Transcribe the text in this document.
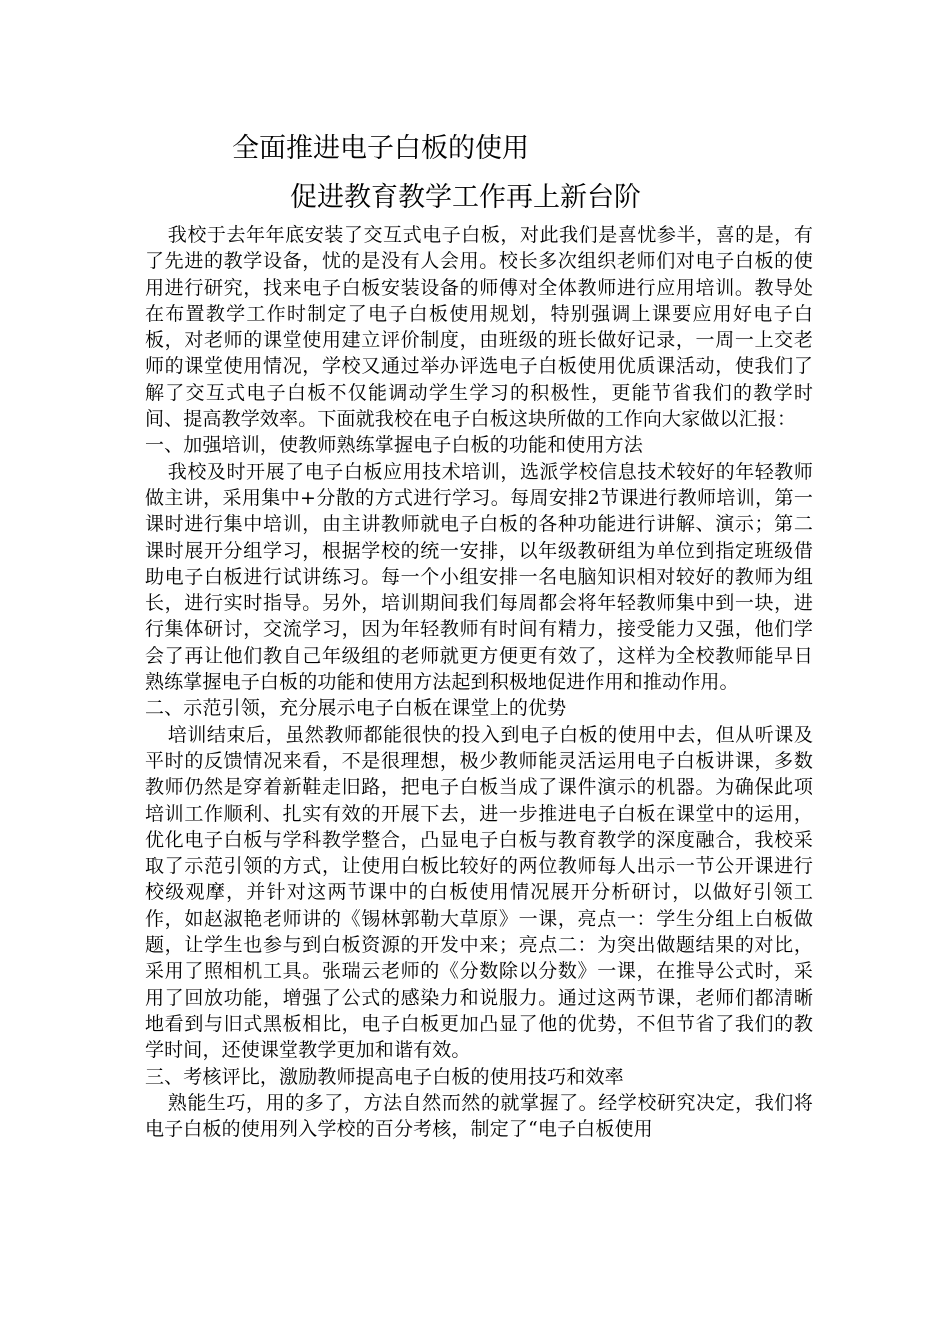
全面推进电子白板的使用
促进教育教学工作再上新台阶

我校于去年年底安装了交互式电子白板，对此我们是喜忧参半，喜的是，有了先进的教学设备，忧的是没有人会用。校长多次组织老师们对电子白板的使用进行研究，找来电子白板安装设备的师傅对全体教师进行应用培训。教导处在布置教学工作时制定了电子白板使用规划，特别强调上课要应用好电子白板，对老师的课堂使用建立评价制度，由班级的班长做好记录，一周一上交老师的课堂使用情况，学校又通过举办评选电子白板使用优质课活动，使我们了解了交互式电子白板不仅能调动学生学习的积极性，更能节省我们的教学时间、提高教学效率。下面就我校在电子白板这块所做的工作向大家做以汇报：

一、加强培训，使教师熟练掌握电子白板的功能和使用方法

我校及时开展了电子白板应用技术培训，选派学校信息技术较好的年轻教师做主讲，采用集中+分散的方式进行学习。每周安排2节课进行教师培训，第一课时进行集中培训，由主讲教师就电子白板的各种功能进行讲解、演示；第二课时展开分组学习，根据学校的统一安排，以年级教研组为单位到指定班级借助电子白板进行试讲练习。每一个小组安排一名电脑知识相对较好的教师为组长，进行实时指导。另外，培训期间我们每周都会将年轻教师集中到一块，进行集体研讨，交流学习，因为年轻教师有时间有精力，接受能力又强，他们学会了再让他们教自己年级组的老师就更方便更有效了，这样为全校教师能早日熟练掌握电子白板的功能和使用方法起到积极地促进作用和推动作用。

二、示范引领，充分展示电子白板在课堂上的优势

培训结束后，虽然教师都能很快的投入到电子白板的使用中去，但从听课及平时的反馈情况来看，不是很理想，极少教师能灵活运用电子白板讲课，多数教师仍然是穿着新鞋走旧路，把电子白板当成了课件演示的机器。为确保此项培训工作顺利、扎实有效的开展下去，进一步推进电子白板在课堂中的运用，优化电子白板与学科教学整合，凸显电子白板与教育教学的深度融合，我校采取了示范引领的方式，让使用白板比较好的两位教师每人出示一节公开课进行校级观摩，并针对这两节课中的白板使用情况展开分析研讨，以做好引领工作，如赵淑艳老师讲的《锡林郭勒大草原》一课，亮点一：学生分组上白板做题，让学生也参与到白板资源的开发中来；亮点二：为突出做题结果的对比，采用了照相机工具。张瑞云老师的《分数除以分数》一课，在推导公式时，采用了回放功能，增强了公式的感染力和说服力。通过这两节课，老师们都清晰地看到与旧式黑板相比，电子白板更加凸显了他的优势，不但节省了我们的教学时间，还使课堂教学更加和谐有效。

三、考核评比，激励教师提高电子白板的使用技巧和效率

熟能生巧，用的多了，方法自然而然的就掌握了。经学校研究决定，我们将电子白板的使用列入学校的百分考核，制定了“电子白板使用
